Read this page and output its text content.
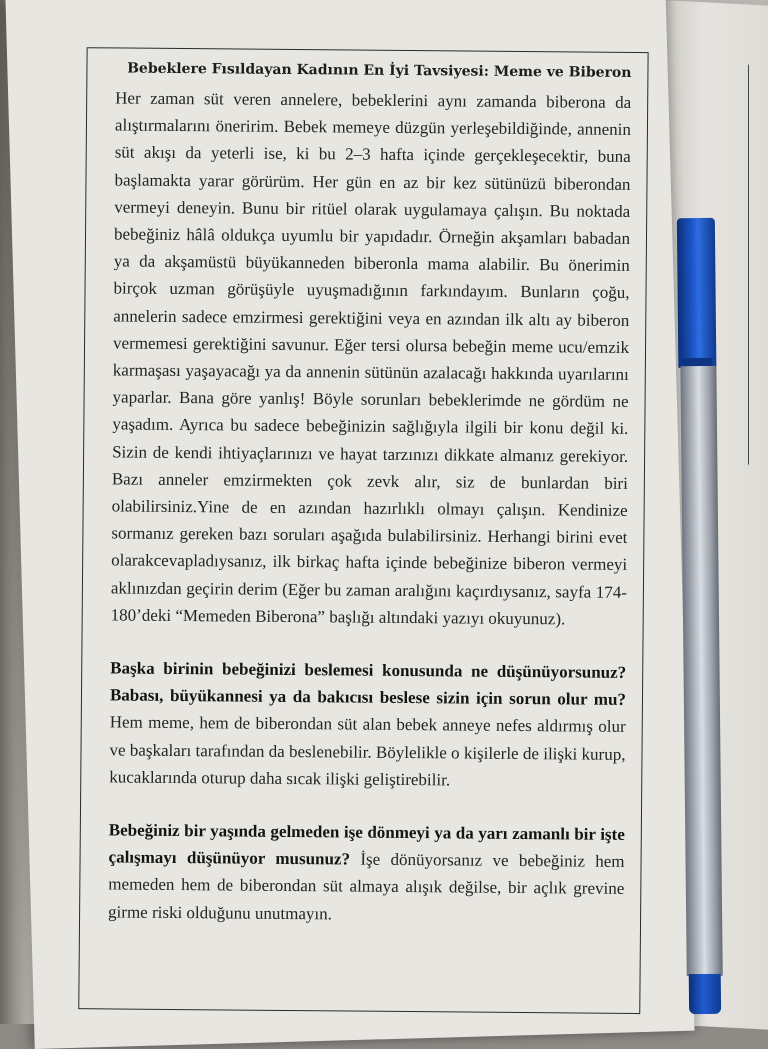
Bebeklere Fısıldayan Kadının En İyi Tavsiyesi: Meme ve Biberon

Her zaman süt veren annelere, bebeklerini aynı zamanda biberona da alıştırmalarını öneririm. Bebek memeye düzgün yerleşebildiğinde, annenin süt akışı da yeterli ise, ki bu 2–3 hafta içinde gerçekleşecektir, buna başlamakta yarar görürüm. Her gün en az bir kez sütünüzü biberondan vermeyi deneyin. Bunu bir ritüel olarak uygulamaya çalışın. Bu noktada bebeğiniz hâlâ oldukça uyumlu bir yapıdadır. Örneğin akşamları babadan ya da akşamüstü büyükanneden biberonla mama alabilir. Bu önerimin birçok uzman görüşüyle uyuşmadığının farkındayım. Bunların çoğu, annelerin sadece emzirmesi gerektiğini veya en azından ilk altı ay biberon vermemesi gerektiğini savunur. Eğer tersi olursa bebeğin meme ucu/emzik karmaşası yaşayacağı ya da annenin sütünün azalacağı hakkında uyarılarını yaparlar. Bana göre yanlış! Böyle sorunları bebeklerimde ne gördüm ne yaşadım. Ayrıca bu sadece bebeğinizin sağlığıyla ilgili bir konu değil ki. Sizin de kendi ihtiyaçlarınızı ve hayat tarzınızı dikkate almanız gerekiyor. Bazı anneler emzirmekten çok zevk alır, siz de bunlardan biri olabilirsiniz.Yine de en azından hazırlıklı olmayı çalışın. Kendinize sormanız gereken bazı soruları aşağıda bulabilirsiniz. Herhangi birini evet olarakcevapladıysanız, ilk birkaç hafta içinde bebeğinize biberon vermeyi aklınızdan geçirin derim (Eğer bu zaman aralığını kaçırdıysanız, sayfa 174-180’deki “Memeden Biberona” başlığı altındaki yazıyı okuyunuz).

Başka birinin bebeğinizi beslemesi konusunda ne düşünüyorsunuz? Babası, büyükannesi ya da bakıcısı beslese sizin için sorun olur mu? Hem meme, hem de biberondan süt alan bebek anneye nefes aldırmış olur ve başkaları tarafından da beslenebilir. Böylelikle o kişilerle de ilişki kurup, kucaklarında oturup daha sıcak ilişki geliştirebilir.

Bebeğiniz bir yaşında gelmeden işe dönmeyi ya da yarı zamanlı bir işte çalışmayı düşünüyor musunuz? İşe dönüyorsanız ve bebeğiniz hem memeden hem de biberondan süt almaya alışık değilse, bir açlık grevine girme riski olduğunu unutmayın.
